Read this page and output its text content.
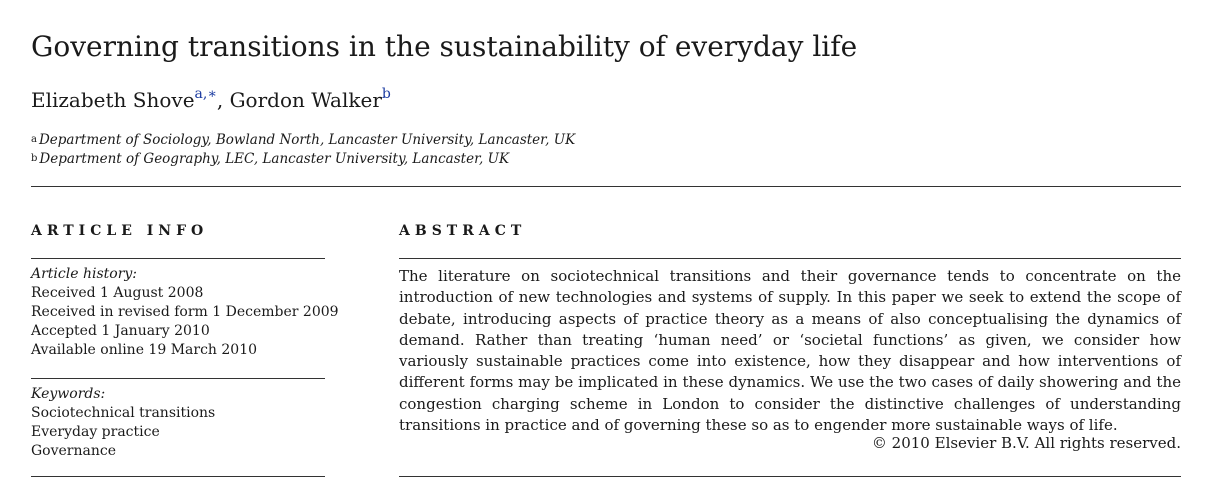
Governing transitions in the sustainability of everyday life
Elizabeth Shove$^{a,∗}$, Gordon Walker$^b$
$^a$ Department of Sociology, Bowland North, Lancaster University, Lancaster, UK
$^b$ Department of Geography, LEC, Lancaster University, Lancaster, UK
ARTICLE INFO	ABSTRACT
Article history:
Received 1 August 2008
Received in revised form 1 December 2009
Accepted 1 January 2010
Available online 19 March 2010
Keywords:
Sociotechnical transitions
Everyday practice
Governance

The literature on sociotechnical transitions and their governance tends to concentrate on the introduction of new technologies and systems of supply. In this paper we seek to extend the scope of debate, introducing aspects of practice theory as a means of also conceptualising the dynamics of demand. Rather than treating ‘human need’ or ‘societal functions’ as given, we consider how variously sustainable practices come into existence, how they disappear and how interventions of different forms may be implicated in these dynamics. We use the two cases of daily showering and the congestion charging scheme in London to consider the distinctive challenges of understanding transitions in practice and of governing these so as to engender more sustainable ways of life.

© 2010 Elsevier B.V. All rights reserved.
